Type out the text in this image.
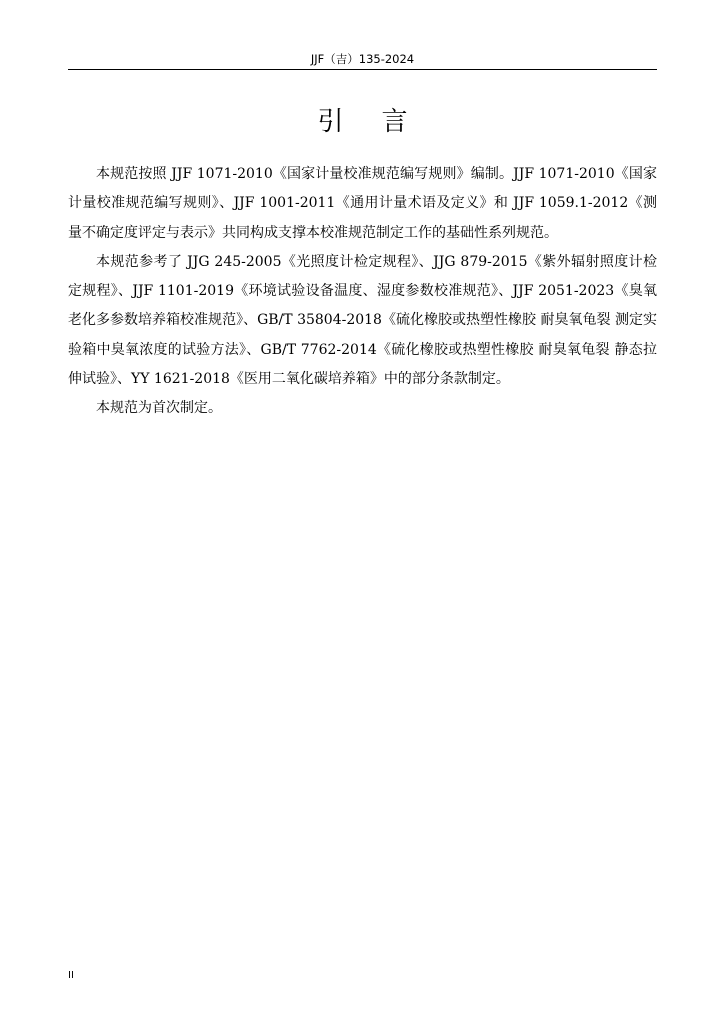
JJF（吉）135-2024
引言

本规范按照 JJF 1071-2010《国家计量校准规范编写规则》编制。JJF 1071-2010《国家计量校准规范编写规则》、JJF 1001-2011《通用计量术语及定义》和 JJF 1059.1-2012《测量不确定度评定与表示》共同构成支撑本校准规范制定工作的基础性系列规范。

本规范参考了 JJG 245-2005《光照度计检定规程》、JJG 879-2015《紫外辐射照度计检定规程》、JJF 1101-2019《环境试验设备温度、湿度参数校准规范》、JJF 2051-2023《臭氧老化多参数培养箱校准规范》、GB/T 35804-2018《硫化橡胶或热塑性橡胶 耐臭氧龟裂 测定实验箱中臭氧浓度的试验方法》、GB/T 7762-2014《硫化橡胶或热塑性橡胶 耐臭氧龟裂 静态拉伸试验》、YY 1621-2018《医用二氧化碳培养箱》中的部分条款制定。

本规范为首次制定。

II
